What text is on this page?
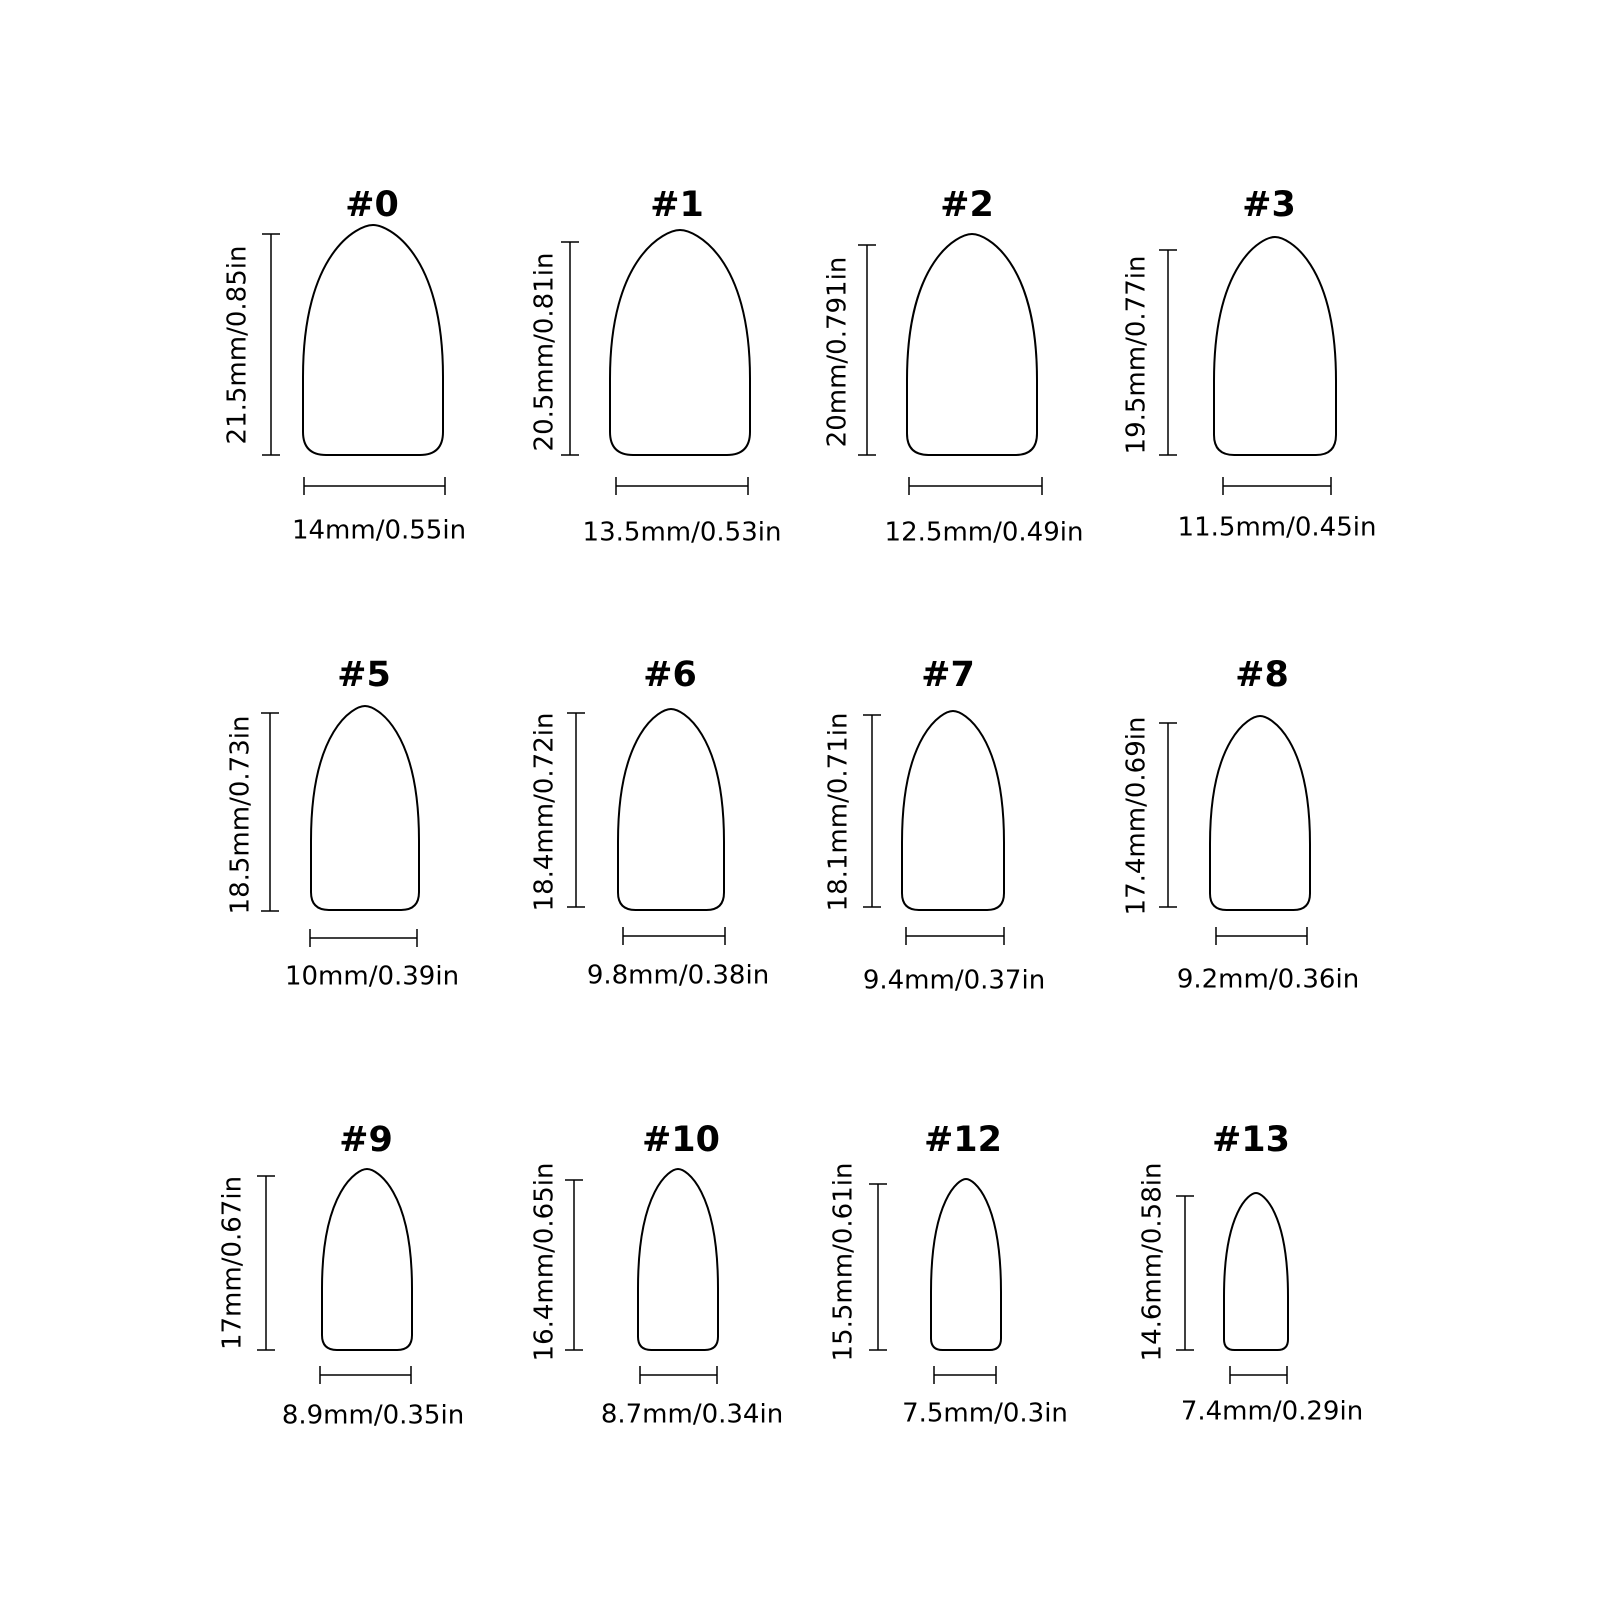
#0
21.5mm/0.85in
14mm/0.55in
#1
20.5mm/0.81in
13.5mm/0.53in
#2
20mm/0.791in
12.5mm/0.49in
#3
19.5mm/0.77in
11.5mm/0.45in
#5
18.5mm/0.73in
10mm/0.39in
#6
18.4mm/0.72in
9.8mm/0.38in
#7
18.1mm/0.71in
9.4mm/0.37in
#8
17.4mm/0.69in
9.2mm/0.36in
#9
17mm/0.67in
8.9mm/0.35in
#10
16.4mm/0.65in
8.7mm/0.34in
#12
15.5mm/0.61in
7.5mm/0.3in
#13
14.6mm/0.58in
7.4mm/0.29in
